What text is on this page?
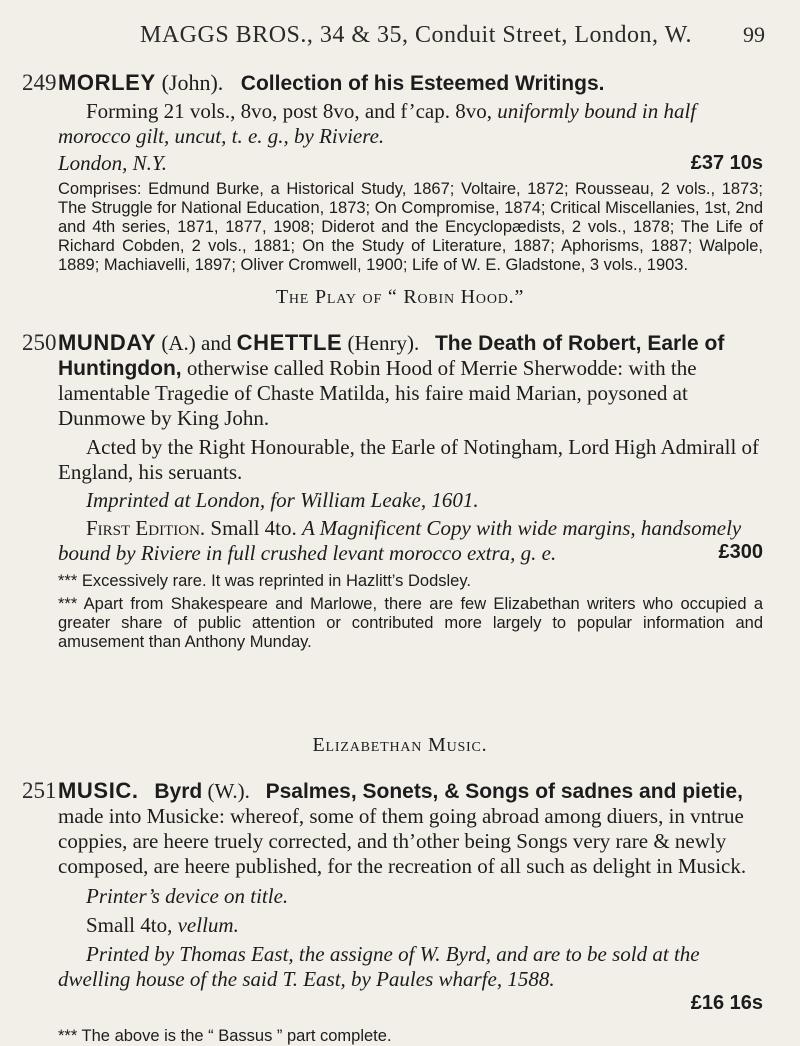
MAGGS BROS., 34 & 35, Conduit Street, London, W. 99
249 MORLEY (John). Collection of his Esteemed Writings.
Forming 21 vols., 8vo, post 8vo, and f’cap. 8vo, uniformly bound in half morocco gilt, uncut, t. e. g., by Riviere.
London, N.Y.	£37 10s
Comprises: Edmund Burke, a Historical Study, 1867; Voltaire, 1872; Rousseau, 2 vols., 1873; The Struggle for National Education, 1873; On Compromise, 1874; Critical Miscellanies, 1st, 2nd and 4th series, 1871, 1877, 1908; Diderot and the Encyclopædists, 2 vols., 1878; The Life of Richard Cobden, 2 vols., 1881; On the Study of Literature, 1887; Aphorisms, 1887; Walpole, 1889; Machiavelli, 1897; Oliver Cromwell, 1900; Life of W. E. Gladstone, 3 vols., 1903.
The Play of “ Robin Hood.”
250 MUNDAY (A.) and CHETTLE (Henry). The Death of Robert, Earle of Huntingdon, otherwise called Robin Hood of Merrie Sherwodde: with the lamentable Tragedie of Chaste Matilda, his faire maid Marian, poysoned at Dunmowe by King John.
Acted by the Right Honourable, the Earle of Notingham, Lord High Admirall of England, his seruants.
Imprinted at London, for William Leake, 1601.
First Edition. Small 4to. A Magnificent Copy with wide margins, handsomely bound by Riviere in full crushed levant morocco extra, g. e.	£300
*** Excessively rare. It was reprinted in Hazlitt’s Dodsley.
*** Apart from Shakespeare and Marlowe, there are few Elizabethan writers who occupied a greater share of public attention or contributed more largely to popular information and amusement than Anthony Munday.
Elizabethan Music.
251 MUSIC. Byrd (W.). Psalmes, Sonets, & Songs of sadnes and pietie, made into Musicke: whereof, some of them going abroad among diuers, in vntrue coppies, are heere truely corrected, and th’other being Songs very rare & newly composed, are heere published, for the recreation of all such as delight in Musick.
Printer’s device on title.
Small 4to, vellum.
Printed by Thomas East, the assigne of W. Byrd, and are to be sold at the dwelling house of the said T. East, by Paules wharfe, 1588.
£16 16s
*** The above is the “ Bassus ” part complete.
